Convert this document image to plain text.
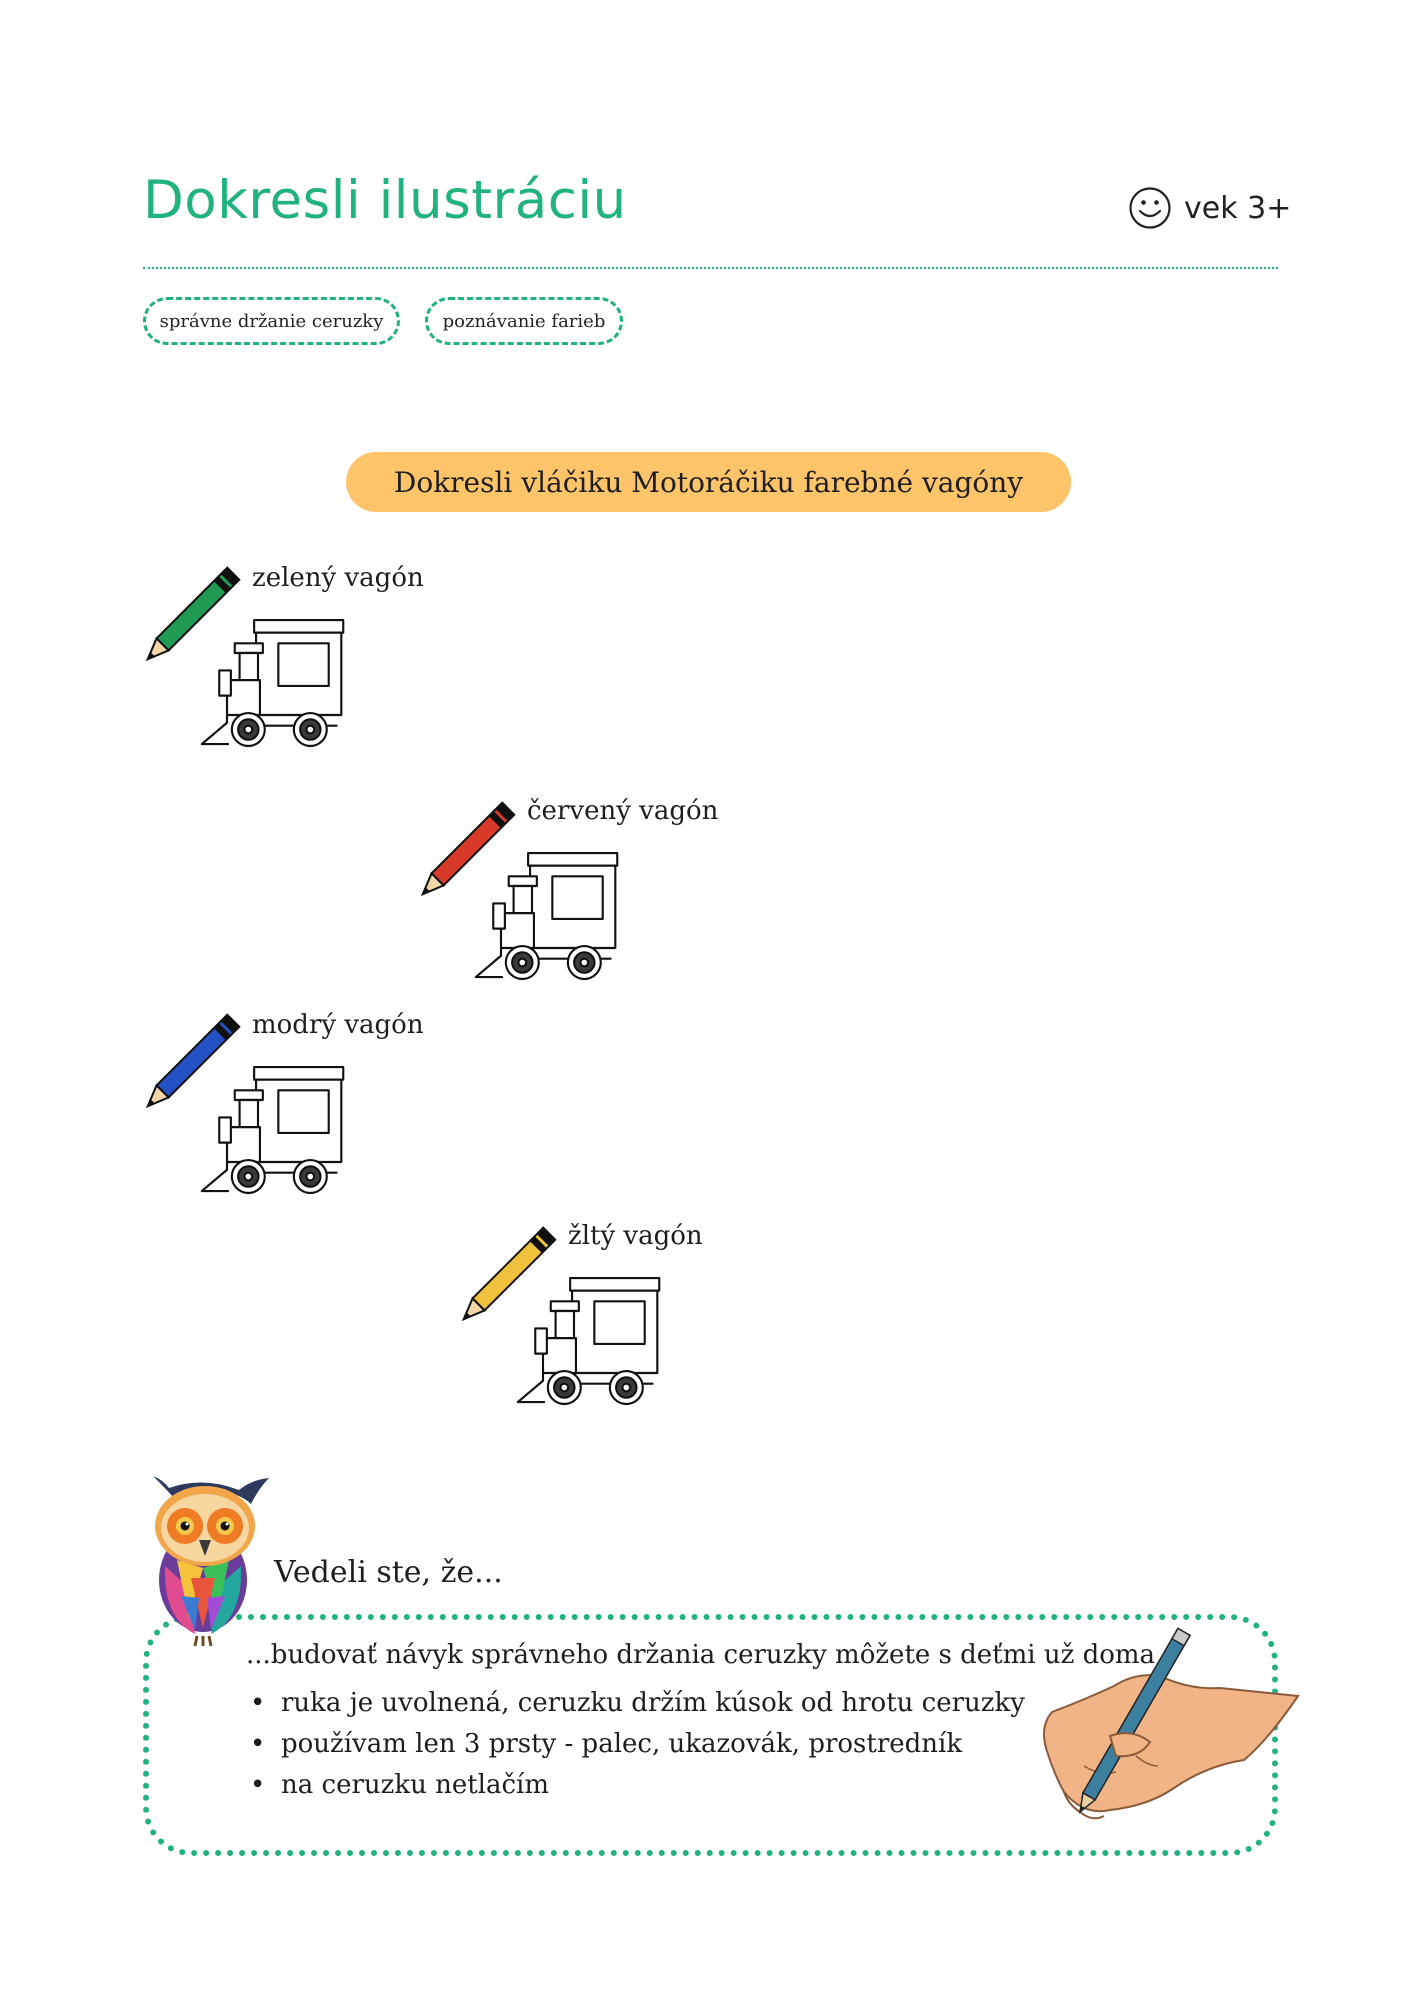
Dokresli ilustráciu	vek 3+
správne držanie ceruzky	poznávanie farieb
Dokresli vláčiku Motoráčiku farebné vagóny
zelený vagón
červený vagón
modrý vagón
žltý vagón
Vedeli ste, že...
...budovať návyk správneho držania ceruzky môžete s deťmi už doma
• ruka je uvolnená, ceruzku držím kúsok od hrotu ceruzky
• používam len 3 prsty - palec, ukazovák, prostredník
• na ceruzku netlačím
